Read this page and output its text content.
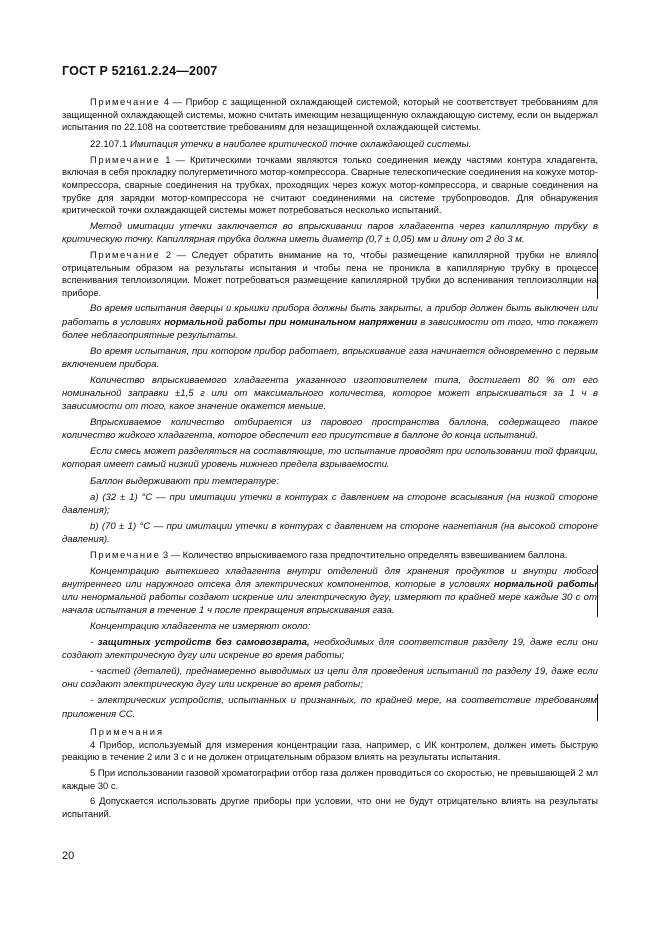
ГОСТ Р 52161.2.24—2007

Примечание 4 — Прибор с защищенной охлаждающей системой, который не соответствует требованиям для защищенной охлаждающей системы, можно считать имеющим незащищенную охлаждающую систему, если он выдержал испытания по 22.108 на соответствие требованиям для незащищенной охлаждающей системы.

22.107.1 Имитация утечки в наиболее критической точке охлаждающей системы.

Примечание 1 — Критическими точками являются только соединения между частями контура хладагента, включая в себя прокладку полугерметичного мотор-компрессора. Сварные телескопические соединения на кожухе мотор-компрессора, сварные соединения на трубках, проходящих через кожух мотор-компрессора, и сварные соединения на трубке для зарядки мотор-компрессора не считают соединениями на системе трубопроводов. Для обнаружения критической точки охлаждающей системы может потребоваться несколько испытаний.

Метод имитации утечки заключается во впрыскивании паров хладагента через капиллярную трубку в критическую точку. Капиллярная трубка должна иметь диаметр (0,7 ± 0,05) мм и длину от 2 до 3 м.

Примечание 2 — Следует обратить внимание на то, чтобы размещение капиллярной трубки не влияло отрицательным образом на результаты испытания и чтобы пена не проникла в капиллярную трубку в процессе вспенивания теплоизоляции. Может потребоваться размещение капиллярной трубки до вспенивания теплоизоляции на приборе.

Во время испытания дверцы и крышки прибора должны быть закрыты, а прибор должен быть выключен или работать в условиях нормальной работы при номинальном напряжении в зависимости от того, что покажет более неблагоприятные результаты.

Во время испытания, при котором прибор работает, впрыскивание газа начинается одновременно с первым включением прибора.

Количество впрыскиваемого хладагента указанного изготовителем типа, достигает 80 % от его номинальной заправки ±1,5 г или от максимального количества, которое может впрыскиваться за 1 ч в зависимости от того, какое значение окажется меньше.

Впрыскиваемое количество отбирается из парового пространства баллона, содержащего такое количество жидкого хладагента, которое обеспечит его присутствие в баллоне до конца испытаний.

Если смесь может разделяться на составляющие, то испытание проводят при использовании той фракции, которая имеет самый низкий уровень нижнего предела взрываемости.

Баллон выдерживают при температуре:

а) (32 ± 1) °С — при имитации утечки в контурах с давлением на стороне всасывания (на низкой стороне давления);

b) (70 ± 1) °С — при имитации утечки в контурах с давлением на стороне нагнетания (на высокой стороне давления).

Примечание 3 — Количество впрыскиваемого газа предпочтительно определять взвешиванием баллона.

Концентрацию вытекшего хладагента внутри отделений для хранения продуктов и внутри любого внутреннего или наружного отсека для электрических компонентов, которые в условиях нормальной работы или ненормальной работы создают искрение или электрическую дугу, измеряют по крайней мере каждые 30 с от начала испытания в течение 1 ч после прекращения впрыскивания газа.

Концентрацию хладагента не измеряют около:

- защитных устройств без самовозврата, необходимых для соответствия разделу 19, даже если они создают электрическую дугу или искрение во время работы;

- частей (деталей), преднамеренно выводимых из цепи для проведения испытаний по разделу 19, даже если они создают электрическую дугу или искрение во время работы;

- электрических устройств, испытанных и признанных, по крайней мере, на соответствие требованиям приложения СС.

Примечания

4 Прибор, используемый для измерения концентрации газа, например, с ИК контролем, должен иметь быструю реакцию в течение 2 или 3 с и не должен отрицательным образом влиять на результаты испытания.

5 При использовании газовой хроматографии отбор газа должен проводиться со скоростью, не превышающей 2 мл каждые 30 с.

6 Допускается использовать другие приборы при условии, что они не будут отрицательно влиять на результаты испытаний.

20
